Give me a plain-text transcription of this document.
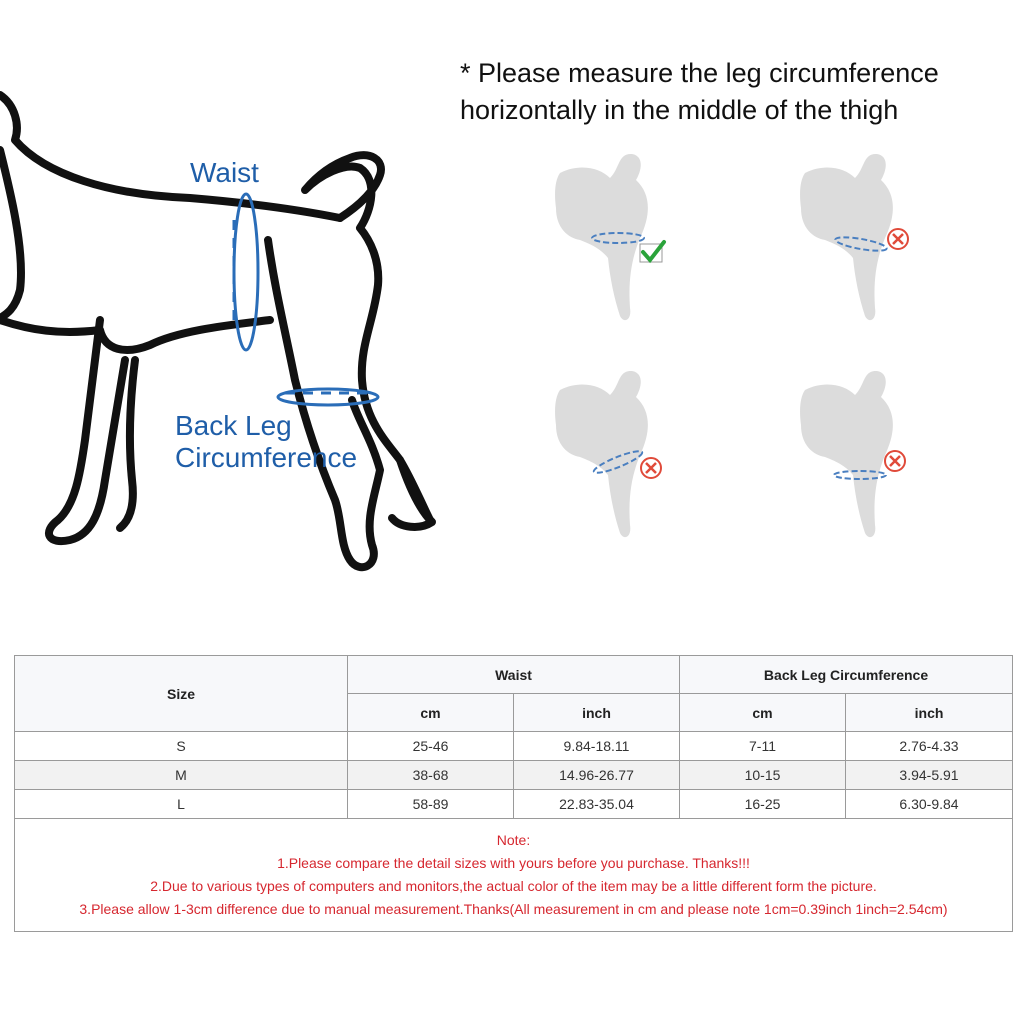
Waist
Back Leg
Circumference
* Please measure the leg circumference
horizontally in the middle of the thigh
Size	Waist		Back Leg Circumference	
	cm	inch	cm	inch
S	25-46	9.84-18.11	7-11	2.76-4.33
M	38-68	14.96-26.77	10-15	3.94-5.91
L	58-89	22.83-35.04	16-25	6.30-9.84

Note:
1.Please compare the detail sizes with yours before you purchase. Thanks!!!
2.Due to various types of computers and monitors,the actual color of the item may be a little different form the picture.
3.Please allow 1-3cm difference due to manual measurement.Thanks(All measurement in cm and please note 1cm=0.39inch 1inch=2.54cm)				
